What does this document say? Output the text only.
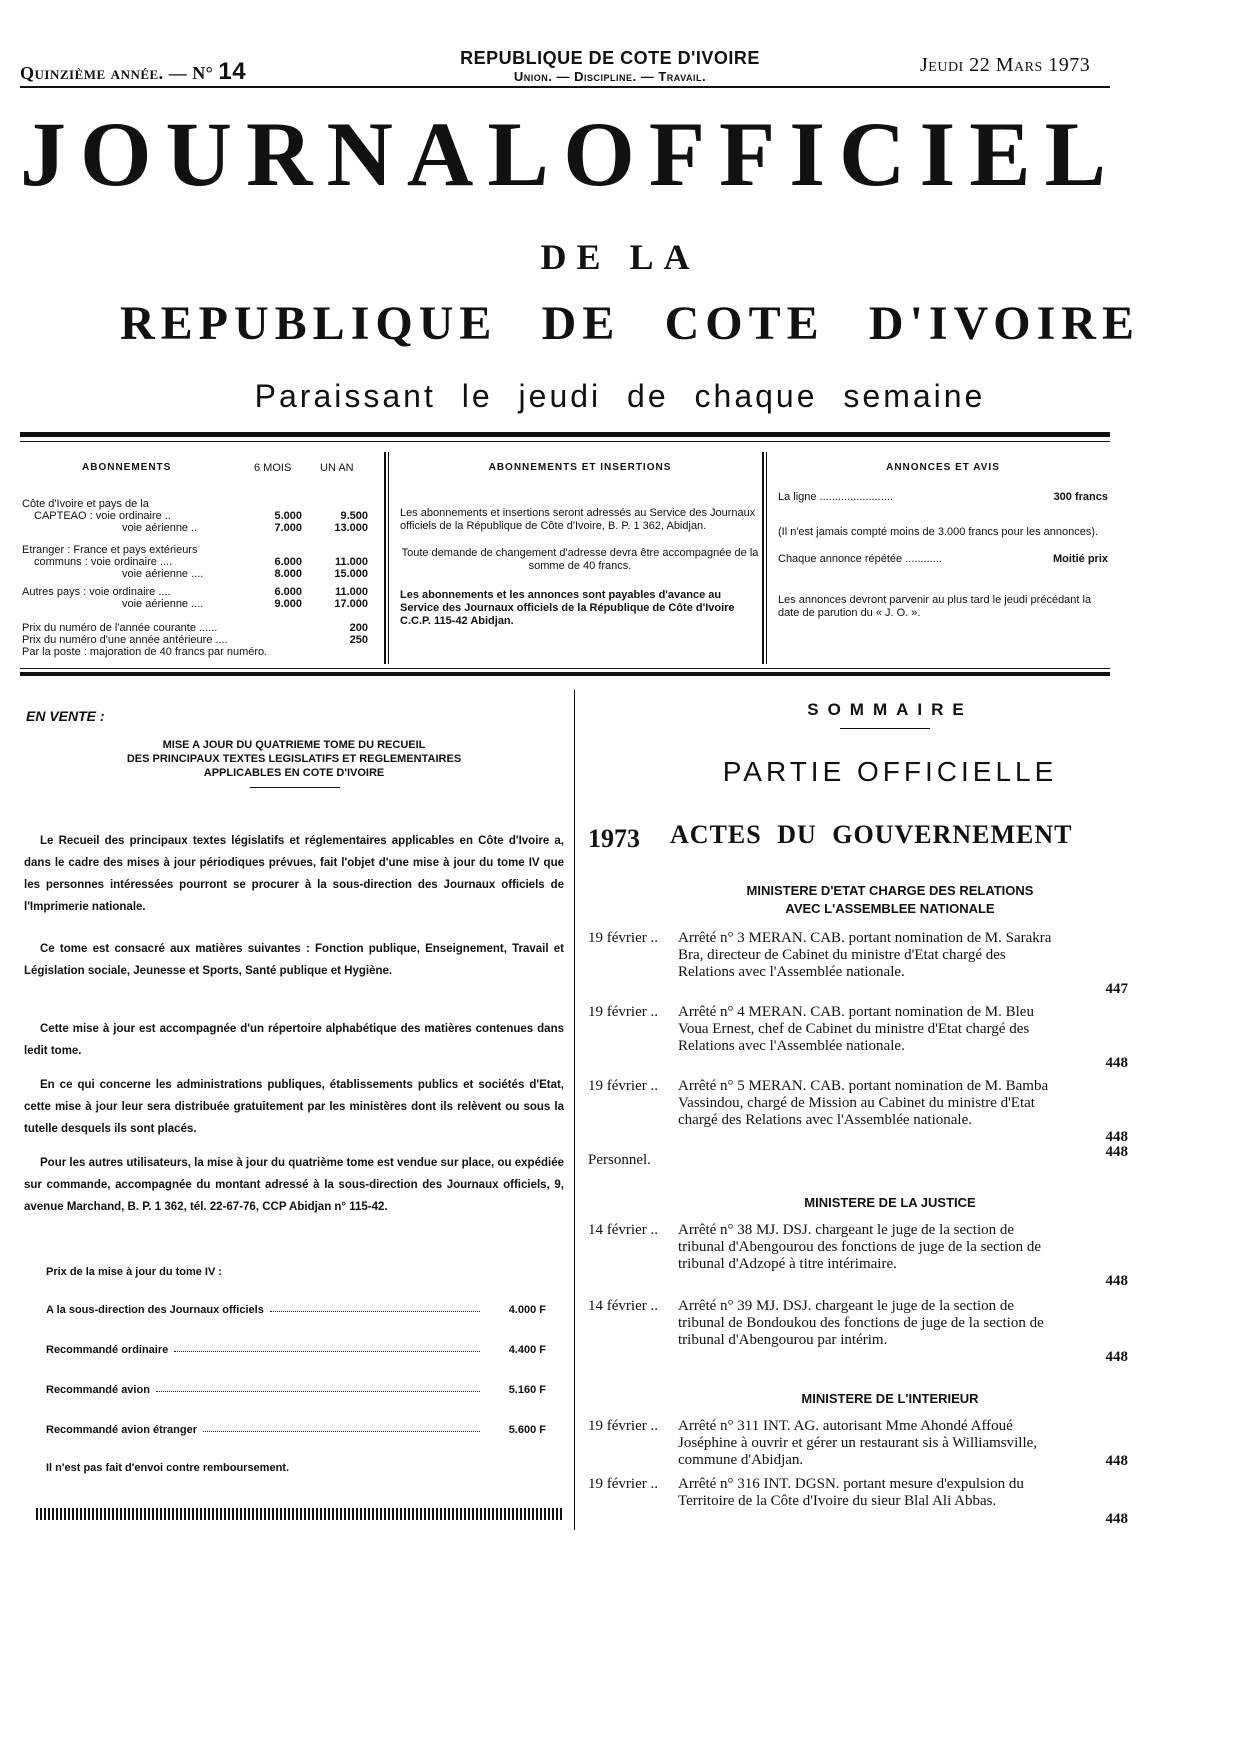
Quinzième année. — N° 14	REPUBLIQUE DE COTE D'IVOIRE
Union. — Discipline. — Travail.
Jeudi 22 Mars 1973
JOURNAL OFFICIEL
DE LA
REPUBLIQUE DE COTE D'IVOIRE
Paraissant le jeudi de chaque semaine
ABONNEMENTS	6 MOIS	UN AN
Côte d'Ivoire et pays de la
CAPTEAO : voie ordinaire ..	5.000	9.500
voie aérienne ..	7.000	13.000
Etranger : France et pays extérieurs
communs : voie ordinaire ....	6.000	11.000
voie aérienne ....	8.000	15.000
Autres pays : voie ordinaire ....	6.000	11.000
voie aérienne ....	9.000	17.000
Prix du numéro de l'année courante ......	200
Prix du numéro d'une année antérieure ....	250
Par la poste : majoration de 40 francs par numéro.
ABONNEMENTS ET INSERTIONS
Les abonnements et insertions seront adressés au Service des Journaux officiels de la République de Côte d'Ivoire, B. P. 1 362, Abidjan.
Toute demande de changement d'adresse devra être accompagnée de la somme de 40 francs.
Les abonnements et les annonces sont payables d'avance au Service des Journaux officiels de la République de Côte d'Ivoire C.C.P. 115-42 Abidjan.
ANNONCES ET AVIS
La ligne ........................	300 francs
(Il n'est jamais compté moins de 3.000 francs pour les annonces).
Chaque annonce répétée ............	Moitié prix
Les annonces devront parvenir au plus tard le jeudi précédant la date de parution du « J. O. ».
EN VENTE :
MISE A JOUR DU QUATRIEME TOME DU RECUEIL
DES PRINCIPAUX TEXTES LEGISLATIFS ET REGLEMENTAIRES
APPLICABLES EN COTE D'IVOIRE
Le Recueil des principaux textes législatifs et réglementaires applicables en Côte d'Ivoire a, dans le cadre des mises à jour périodiques prévues, fait l'objet d'une mise à jour du tome IV que les personnes intéressées pourront se procurer à la sous-direction des Journaux officiels de l'Imprimerie nationale.
Ce tome est consacré aux matières suivantes : Fonction publique, Enseignement, Travail et Législation sociale, Jeunesse et Sports, Santé publique et Hygiène.
Cette mise à jour est accompagnée d'un répertoire alphabétique des matières contenues dans ledit tome.
En ce qui concerne les administrations publiques, établissements publics et sociétés d'Etat, cette mise à jour leur sera distribuée gratuitement par les ministères dont ils relèvent ou sous la tutelle desquels ils sont placés.
Pour les autres utilisateurs, la mise à jour du quatrième tome est vendue sur place, ou expédiée sur commande, accompagnée du montant adressé à la sous-direction des Journaux officiels, 9, avenue Marchand, B. P. 1 362, tél. 22-67-76, CCP Abidjan n° 115-42.
Prix de la mise à jour du tome IV :
A la sous-direction des Journaux officiels	4.000 F
Recommandé ordinaire	4.400 F
Recommandé avion	5.160 F
Recommandé avion étranger	5.600 F
Il n'est pas fait d'envoi contre remboursement.
SOMMAIRE
PARTIE OFFICIELLE
1973 ACTES DU GOUVERNEMENT
MINISTERE D'ETAT CHARGE DES RELATIONS
AVEC L'ASSEMBLEE NATIONALE
19 février ..	Arrêté n° 3 MERAN. CAB. portant nomination de M. Sarakra Bra, directeur de Cabinet du ministre d'Etat chargé des Relations avec l'Assemblée nationale.
447
19 février ..	Arrêté n° 4 MERAN. CAB. portant nomination de M. Bleu Voua Ernest, chef de Cabinet du ministre d'Etat chargé des Relations avec l'Assemblée nationale.
448
19 février ..	Arrêté n° 5 MERAN. CAB. portant nomination de M. Bamba Vassindou, chargé de Mission au Cabinet du ministre d'Etat chargé des Relations avec l'Assemblée nationale.
448
Personnel.	448
MINISTERE DE LA JUSTICE
14 février ..	Arrêté n° 38 MJ. DSJ. chargeant le juge de la section de tribunal d'Abengourou des fonctions de juge de la section de tribunal d'Adzopé à titre intérimaire.
448
14 février ..	Arrêté n° 39 MJ. DSJ. chargeant le juge de la section de tribunal de Bondoukou des fonctions de juge de la section de tribunal d'Abengourou par intérim.
448
MINISTERE DE L'INTERIEUR
19 février ..	Arrêté n° 311 INT. AG. autorisant Mme Ahondé Affoué Joséphine à ouvrir et gérer un restaurant sis à Williamsville, commune d'Abidjan.	448
19 février ..	Arrêté n° 316 INT. DGSN. portant mesure d'expulsion du Territoire de la Côte d'Ivoire du sieur Blal Ali Abbas.
448
